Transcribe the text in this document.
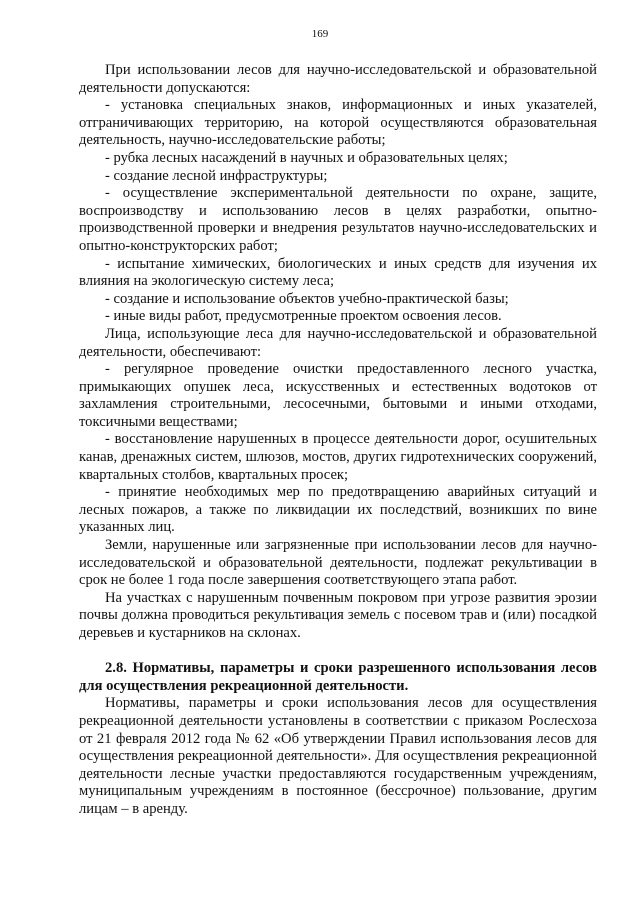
169

При использовании лесов для научно-исследовательской и образовательной деятельности допускаются:

- установка специальных знаков, информационных и иных указателей, отграничивающих территорию, на которой осуществляются образовательная деятельность, научно-исследовательские работы;

- рубка лесных насаждений в научных и образовательных целях;

- создание лесной инфраструктуры;

- осуществление экспериментальной деятельности по охране, защите, воспроизводству и использованию лесов в целях разработки, опытно-производственной проверки и внедрения результатов научно-исследовательских и опытно-конструкторских работ;

- испытание химических, биологических и иных средств для изучения их влияния на экологическую систему леса;

- создание и использование объектов учебно-практической базы;

- иные виды работ, предусмотренные проектом освоения лесов.

Лица, использующие леса для научно-исследовательской и образовательной деятельности, обеспечивают:

- регулярное проведение очистки предоставленного лесного участка, примыкающих опушек леса, искусственных и естественных водотоков от захламления строительными, лесосечными, бытовыми и иными отходами, токсичными веществами;

- восстановление нарушенных в процессе деятельности дорог, осушительных канав, дренажных систем, шлюзов, мостов, других гидротехнических сооружений, квартальных столбов, квартальных просек;

- принятие необходимых мер по предотвращению аварийных ситуаций и лесных пожаров, а также по ликвидации их последствий, возникших по вине указанных лиц.

Земли, нарушенные или загрязненные при использовании лесов для научно-исследовательской и образовательной деятельности, подлежат рекультивации в срок не более 1 года после завершения соответствующего этапа работ.

На участках с нарушенным почвенным покровом при угрозе развития эрозии почвы должна проводиться рекультивация земель с посевом трав и (или) посадкой деревьев и кустарников на склонах.

2.8. Нормативы, параметры и сроки разрешенного использования лесов для осуществления рекреационной деятельности.

Нормативы, параметры и сроки использования лесов для осуществления рекреационной деятельности установлены в соответствии с приказом Рослесхоза от 21 февраля 2012 года № 62 «Об утверждении Правил использования лесов для осуществления рекреационной деятельности». Для осуществления рекреационной деятельности лесные участки предоставляются государственным учреждениям, муниципальным учреждениям в постоянное (бессрочное) пользование, другим лицам – в аренду.
